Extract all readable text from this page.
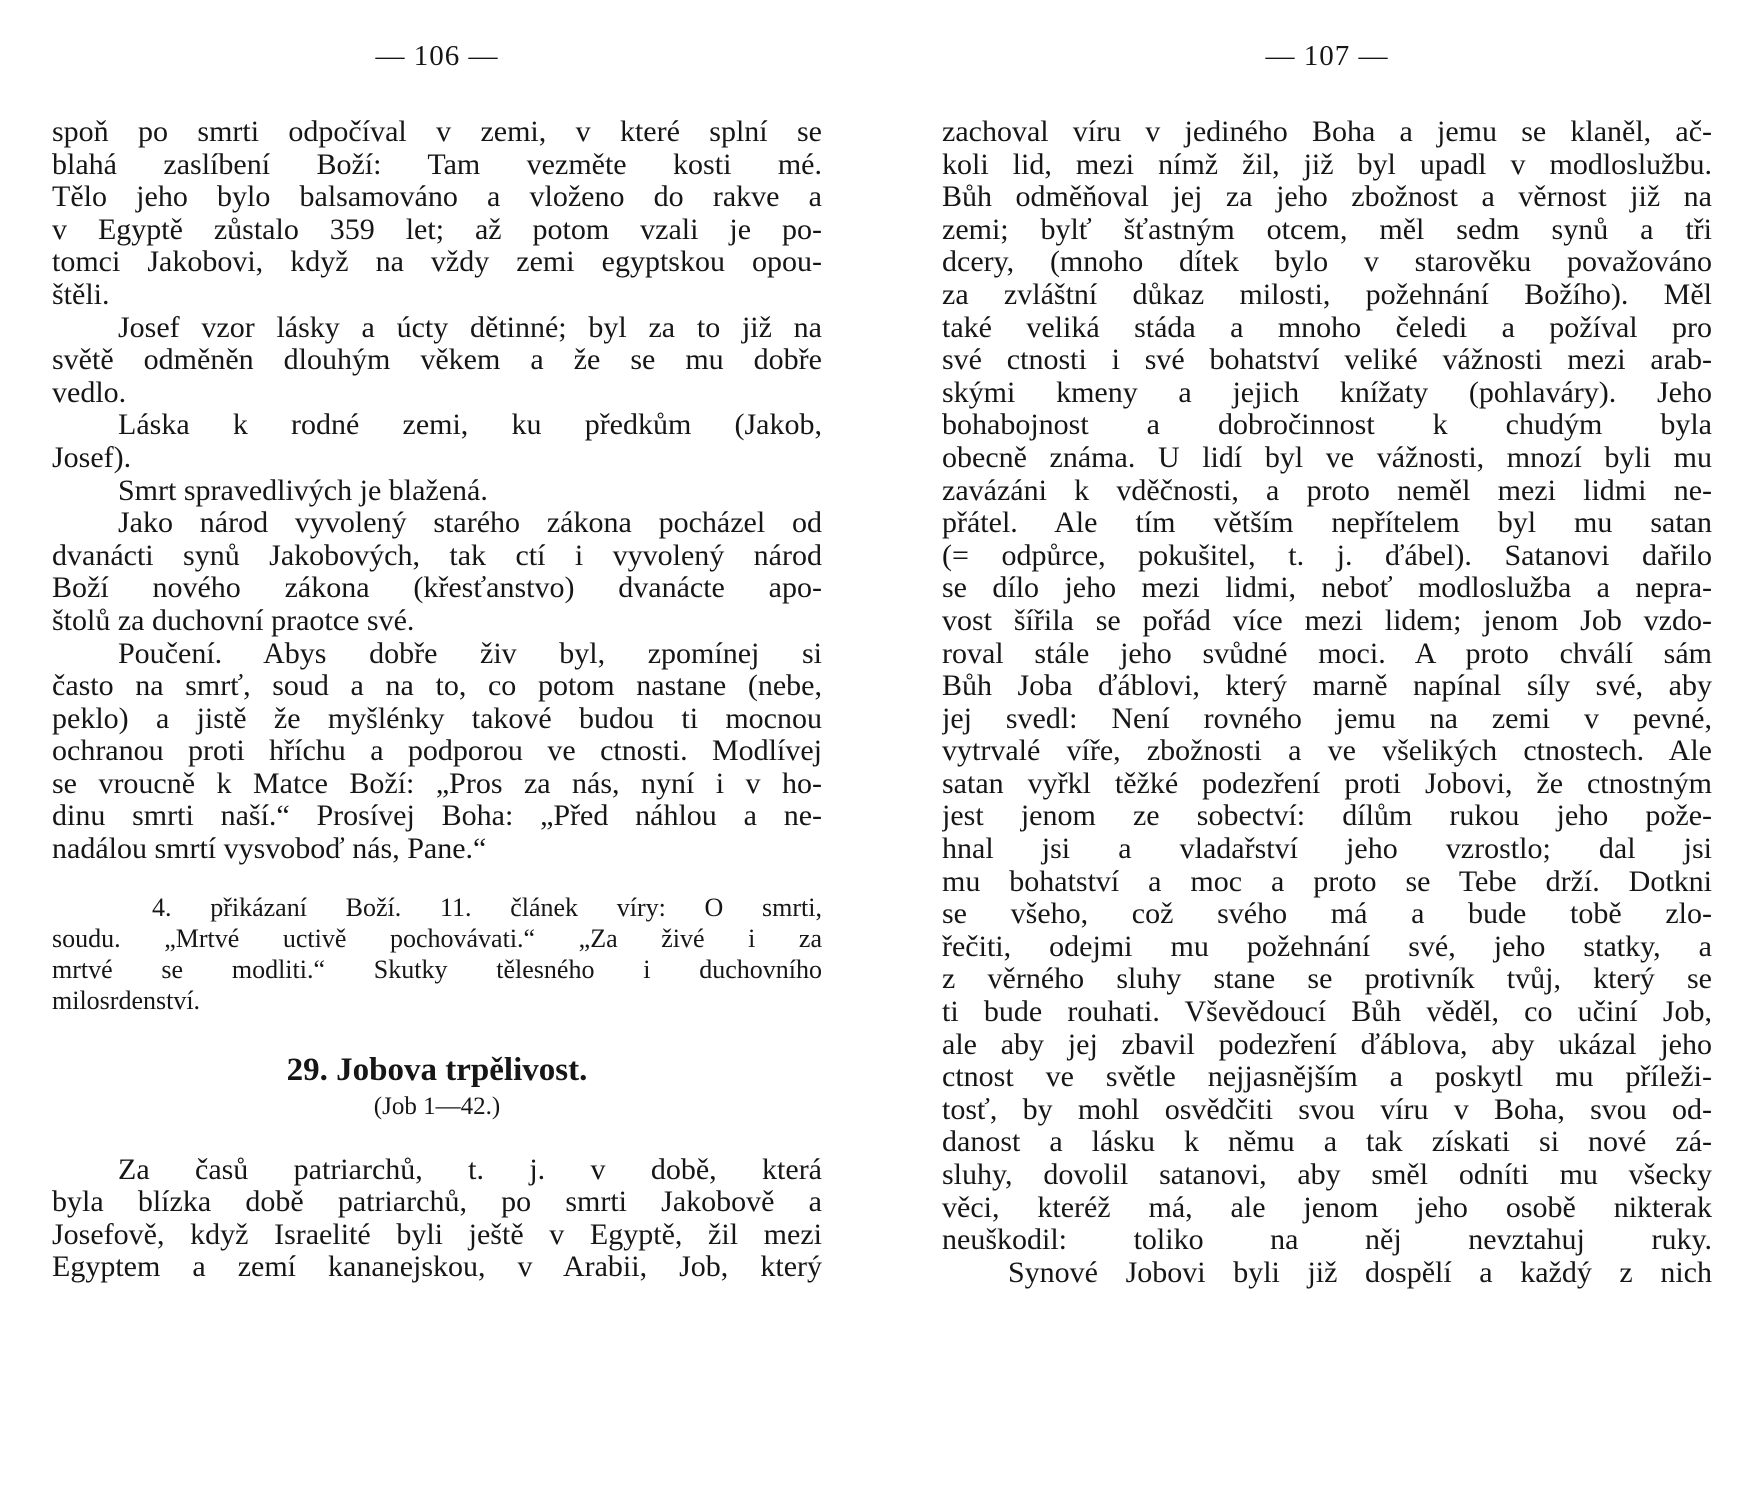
— 106 —
spoň po smrti odpočíval v zemi, v které splní se
blahá zaslíbení Boží: Tam vezměte kosti mé.
Tělo jeho bylo balsamováno a vloženo do rakve a
v Egyptě zůstalo 359 let; až potom vzali je po-
tomci Jakobovi, když na vždy zemi egyptskou opou-
štěli.
Josef vzor lásky a úcty dětinné; byl za to již na
světě odměněn dlouhým věkem a že se mu dobře
vedlo.
Láska k rodné zemi, ku předkům (Jakob,
Josef).
Smrt spravedlivých je blažená.
Jako národ vyvolený starého zákona pocházel od
dvanácti synů Jakobových, tak ctí i vyvolený národ
Boží nového zákona (křesťanstvo) dvanácte apo-
štolů za duchovní praotce své.
Poučení. Abys dobře živ byl, zpomínej si
často na smrť, soud a na to, co potom nastane (nebe,
peklo) a jistě že myšlénky takové budou ti mocnou
ochranou proti hříchu a podporou ve ctnosti. Modlívej
se vroucně k Matce Boží: „Pros za nás, nyní i v ho-
dinu smrti naší.“ Prosívej Boha: „Před náhlou a ne-
nadálou smrtí vysvoboď nás, Pane.“
4. přikázaní Boží. 11. článek víry: O smrti,
soudu. „Mrtvé uctivě pochovávati.“ „Za živé i za
mrtvé se modliti.“ Skutky tělesného i duchovního
milosrdenství.
29. Jobova trpělivost.
(Job 1—42.)
Za časů patriarchů, t. j. v době, která
byla blízka době patriarchů, po smrti Jakobově a
Josefově, když Israelité byli ještě v Egyptě, žil mezi
Egyptem a zemí kananejskou, v Arabii, Job, který
— 107 —
zachoval víru v jediného Boha a jemu se klaněl, ač-
koli lid, mezi nímž žil, již byl upadl v modloslužbu.
Bůh odměňoval jej za jeho zbožnost a věrnost již na
zemi; bylť šťastným otcem, měl sedm synů a tři
dcery, (mnoho dítek bylo v starověku považováno
za zvláštní důkaz milosti, požehnání Božího). Měl
také veliká stáda a mnoho čeledi a požíval pro
své ctnosti i své bohatství veliké vážnosti mezi arab-
skými kmeny a jejich knížaty (pohlaváry). Jeho
bohabojnost a dobročinnost k chudým byla
obecně známa. U lidí byl ve vážnosti, mnozí byli mu
zavázáni k vděčnosti, a proto neměl mezi lidmi ne-
přátel. Ale tím větším nepřítelem byl mu satan
(= odpůrce, pokušitel, t. j. ďábel). Satanovi dařilo
se dílo jeho mezi lidmi, neboť modloslužba a nepra-
vost šířila se pořád více mezi lidem; jenom Job vzdo-
roval stále jeho svůdné moci. A proto chválí sám
Bůh Joba ďáblovi, který marně napínal síly své, aby
jej svedl: Není rovného jemu na zemi v pevné,
vytrvalé víře, zbožnosti a ve všelikých ctnostech. Ale
satan vyřkl těžké podezření proti Jobovi, že ctnostným
jest jenom ze sobectví: dílům rukou jeho pože-
hnal jsi a vladařství jeho vzrostlo; dal jsi
mu bohatství a moc a proto se Tebe drží. Dotkni
se všeho, což svého má a bude tobě zlo-
řečiti, odejmi mu požehnání své, jeho statky, a
z věrného sluhy stane se protivník tvůj, který se
ti bude rouhati. Vševědoucí Bůh věděl, co učiní Job,
ale aby jej zbavil podezření ďáblova, aby ukázal jeho
ctnost ve světle nejjasnějším a poskytl mu příleži-
tosť, by mohl osvědčiti svou víru v Boha, svou od-
danost a lásku k němu a tak získati si nové zá-
sluhy, dovolil satanovi, aby směl odníti mu všecky
věci, kteréž má, ale jenom jeho osobě nikterak
neuškodil: toliko na něj nevztahuj ruky.
Synové Jobovi byli již dospělí a každý z nich
